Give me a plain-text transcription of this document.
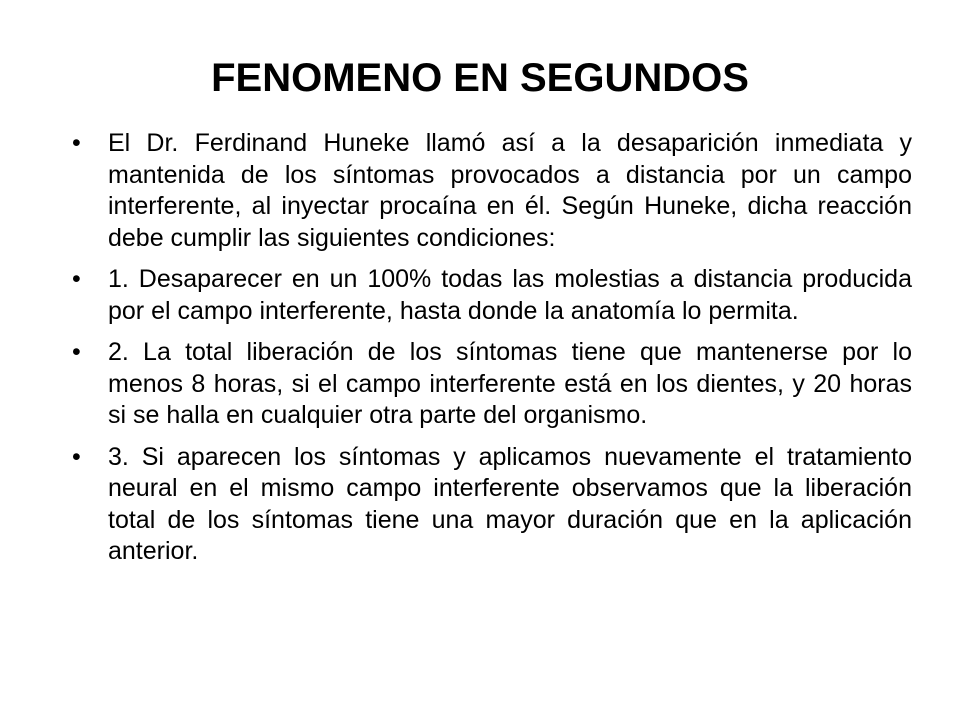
FENOMENO EN SEGUNDOS
•	El Dr. Ferdinand Huneke llamó así a la desaparición inmediata y mantenida de los síntomas provocados a distancia por un campo interferente, al inyectar procaína en él. Según Huneke, dicha reacción debe cumplir las siguientes condiciones:
•	1. Desaparecer en un 100% todas las molestias a distancia producida por el campo interferente, hasta donde la anatomía lo permita.
•	2. La total liberación de los síntomas tiene que mantenerse por lo menos 8 horas, si el campo interferente está en los dientes, y 20 horas si se halla en cualquier otra parte del organismo.
•	3. Si aparecen los síntomas y aplicamos nuevamente el tratamiento neural en el mismo campo interferente observamos que la liberación total de los síntomas tiene una mayor duración que en la aplicación anterior.
